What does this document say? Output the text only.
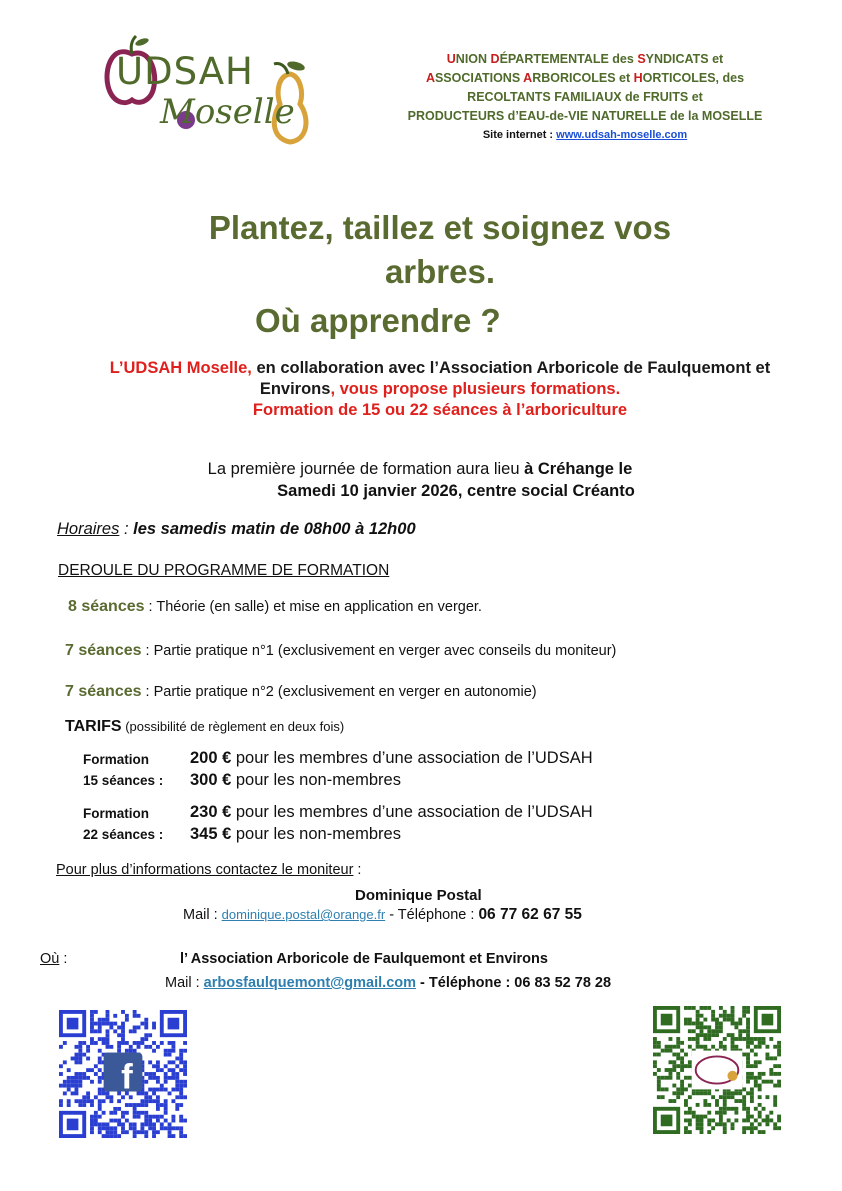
UDSAH
Moselle
UNION DÉPARTEMENTALE des SYNDICATS et
ASSOCIATIONS ARBORICOLES et HORTICOLES, des
RECOLTANTS FAMILIAUX de FRUITS et
PRODUCTEURS d’EAU-de-VIE NATURELLE de la MOSELLE
Site internet : www.udsah-moselle.com
Plantez, taillez et soignez vos
arbres.
Où apprendre ?
L’UDSAH Moselle, en collaboration avec l’Association Arboricole de Faulquemont et Environs, vous propose plusieurs formations.
Formation de 15 ou 22 séances à l’arboriculture
La première journée de formation aura lieu à Créhange le
Samedi 10 janvier 2026, centre social Créanto
Horaires : les samedis matin de 08h00 à 12h00
DEROULE DU PROGRAMME DE FORMATION
8 séances : Théorie (en salle) et mise en application en verger.
7 séances : Partie pratique n°1 (exclusivement en verger avec conseils du moniteur)
7 séances : Partie pratique n°2 (exclusivement en verger en autonomie)
TARIFS (possibilité de règlement en deux fois)
Formation
15 séances :
200 € pour les membres d’une association de l’UDSAH
300 € pour les non-membres
Formation
22 séances :
230 € pour les membres d’une association de l’UDSAH
345 € pour les non-membres
Pour plus d’informations contactez le moniteur :
Dominique Postal
Mail : dominique.postal@orange.fr - Téléphone : 06 77 62 67 55
Où :	l’ Association Arboricole de Faulquemont et Environs
Mail : arbosfaulquemont@gmail.com - Téléphone : 06 83 52 78 28
f
